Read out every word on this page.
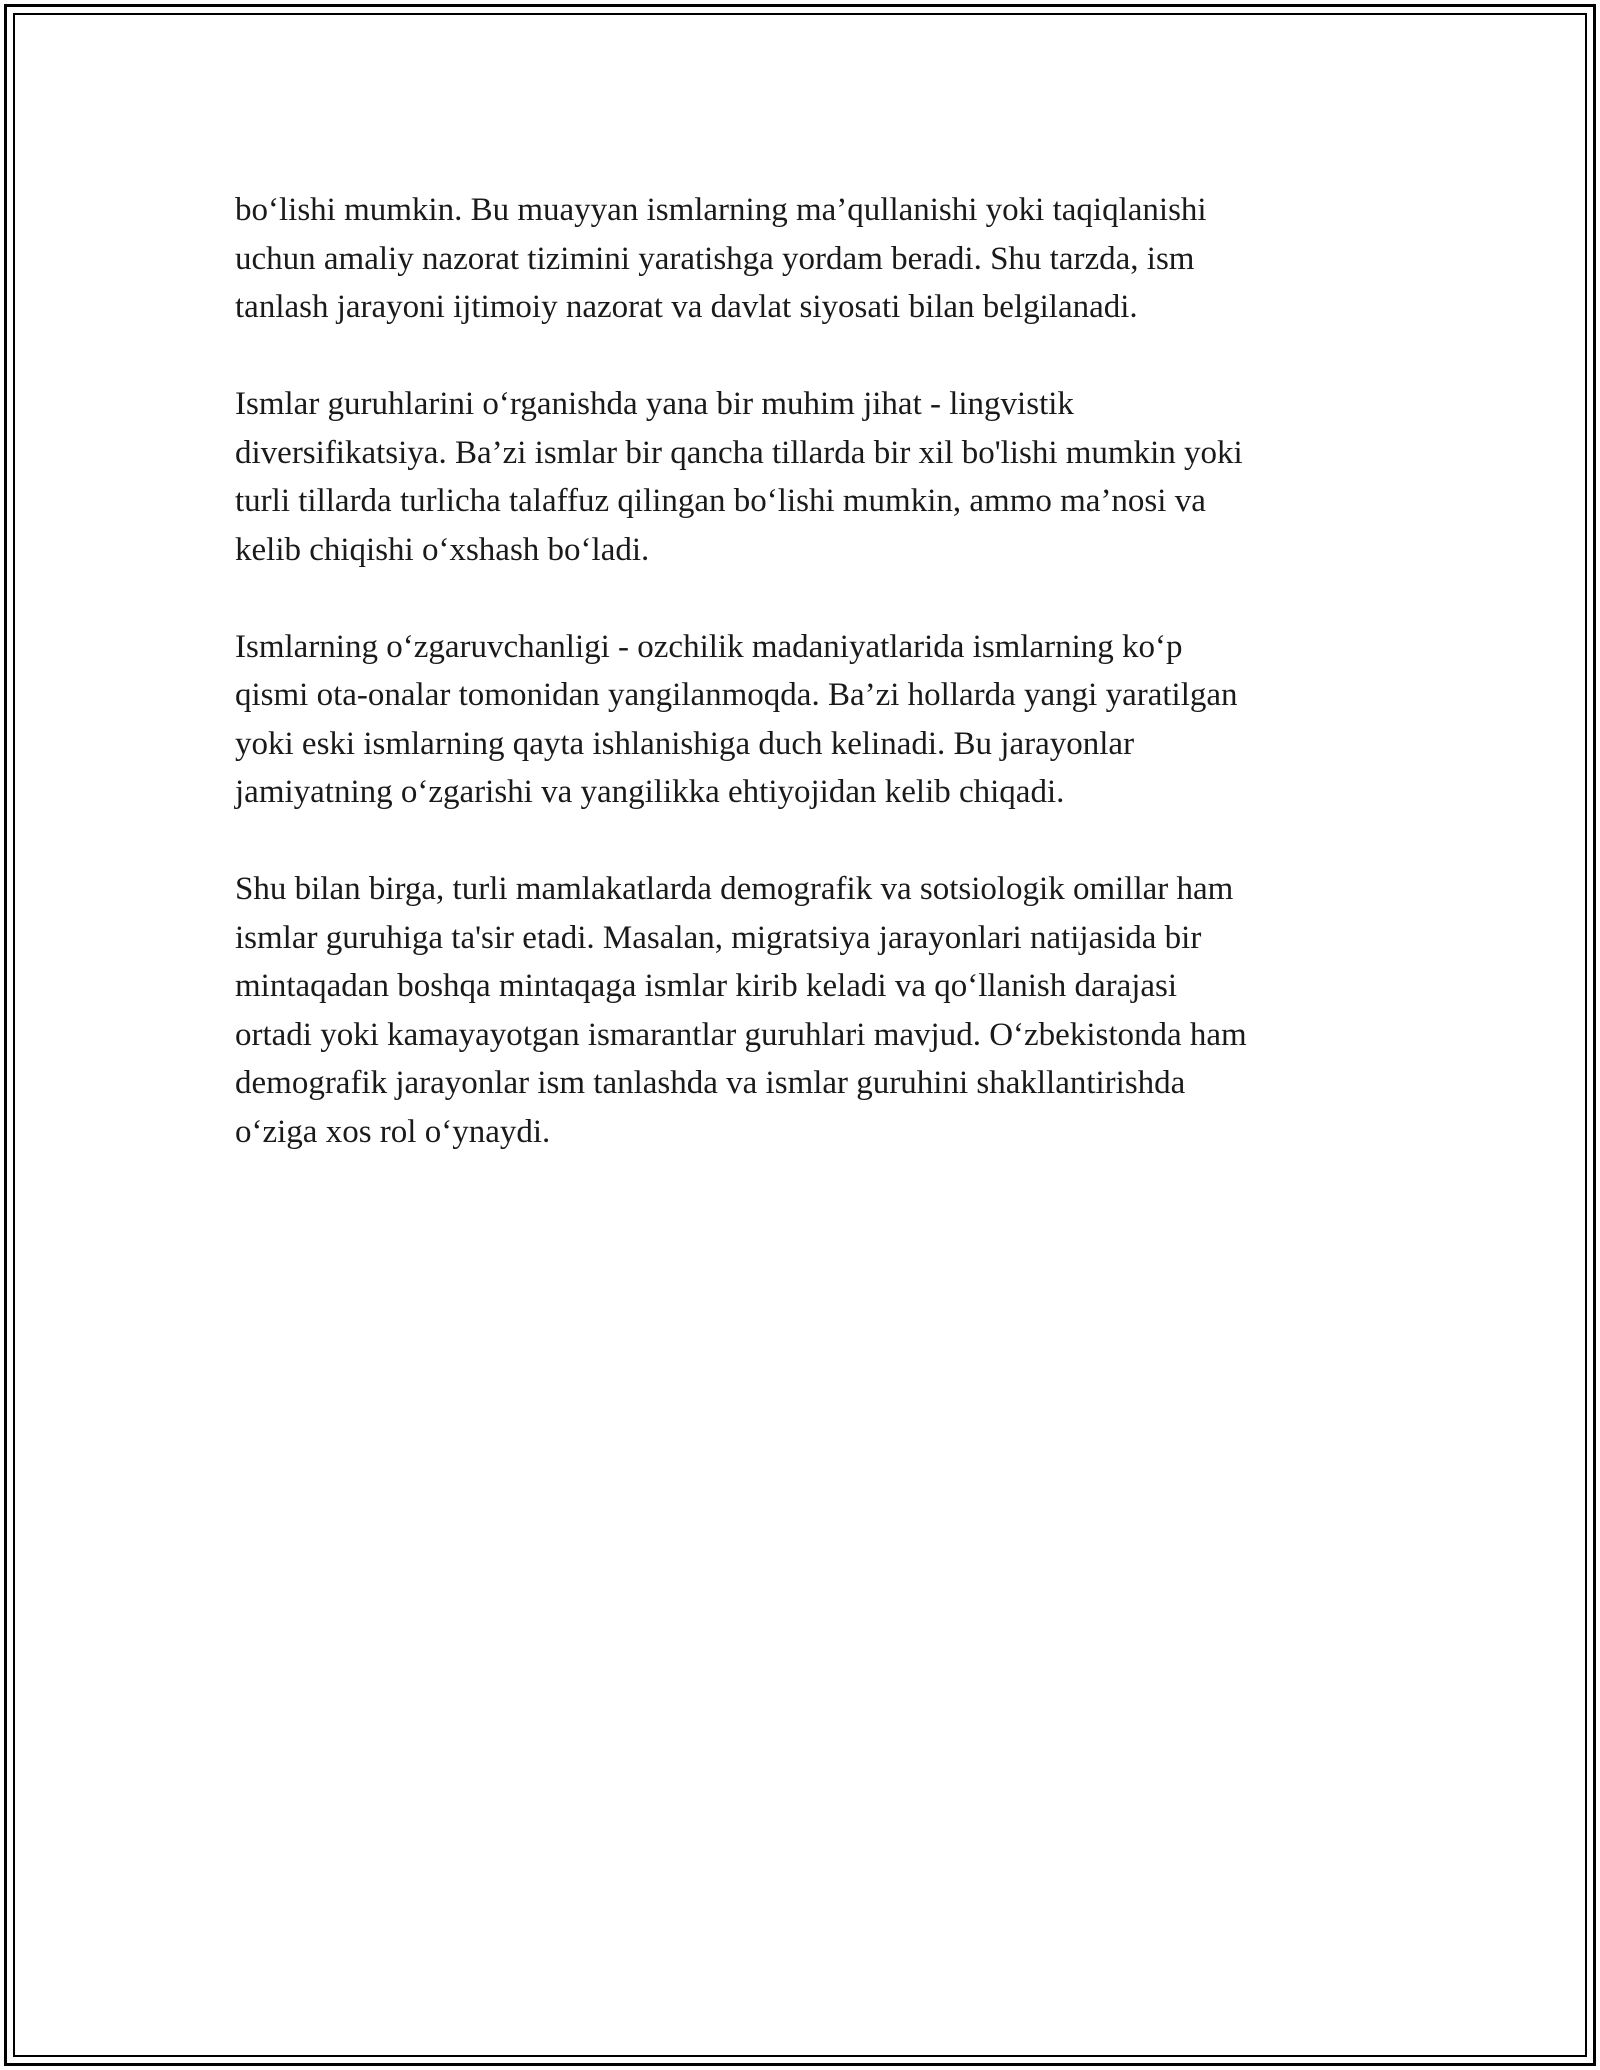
bo‘lishi mumkin. Bu muayyan ismlarning ma’qullanishi yoki taqiqlanishi
uchun amaliy nazorat tizimini yaratishga yordam beradi. Shu tarzda, ism
tanlash jarayoni ijtimoiy nazorat va davlat siyosati bilan belgilanadi.

Ismlar guruhlarini o‘rganishda yana bir muhim jihat - lingvistik
diversifikatsiya. Ba’zi ismlar bir qancha tillarda bir xil bo'lishi mumkin yoki
turli tillarda turlicha talaffuz qilingan bo‘lishi mumkin, ammo ma’nosi va
kelib chiqishi o‘xshash bo‘ladi.

Ismlarning o‘zgaruvchanligi - ozchilik madaniyatlarida ismlarning ko‘p
qismi ota-onalar tomonidan yangilanmoqda. Ba’zi hollarda yangi yaratilgan
yoki eski ismlarning qayta ishlanishiga duch kelinadi. Bu jarayonlar
jamiyatning o‘zgarishi va yangilikka ehtiyojidan kelib chiqadi.

Shu bilan birga, turli mamlakatlarda demografik va sotsiologik omillar ham
ismlar guruhiga ta'sir etadi. Masalan, migratsiya jarayonlari natijasida bir
mintaqadan boshqa mintaqaga ismlar kirib keladi va qo‘llanish darajasi
ortadi yoki kamayayotgan ismarantlar guruhlari mavjud. O‘zbekistonda ham
demografik jarayonlar ism tanlashda va ismlar guruhini shakllantirishda
o‘ziga xos rol o‘ynaydi.
